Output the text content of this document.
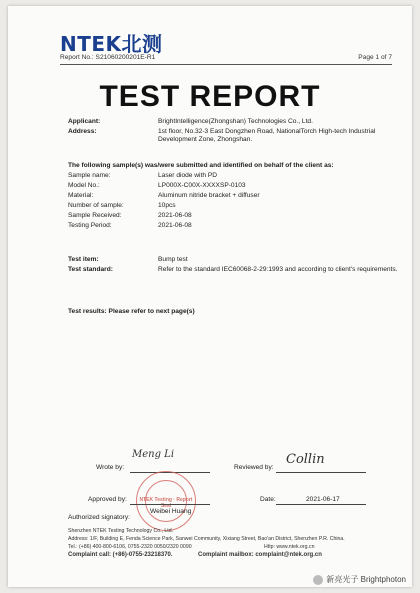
NTEK北测
Report No.: S21060200201E-R1	Page 1 of 7
TEST REPORT
Applicant:	BrightIntelligence(Zhongshan) Technologies Co., Ltd.
Address:	1st floor, No.32-3 East Dongzhen Road, NationalTorch High-tech Industrial Development Zone, Zhongshan.
The following sample(s) was/were submitted and identified on behalf of the client as:
Sample name:	Laser diode with PD
Model No.:	LP000X-C00X-XXXXSP-0103
Material:	Aluminum nitride bracket + diffuser
Number of sample:	10pcs
Sample Received:	2021-06-08
Testing Period:	2021-06-08
Test item:	Bump test
Test standard:	Refer to the standard IEC60068-2-29:1993 and according to client's requirements.
Test results: Please refer to next page(s)
Meng Li	Collin
Wrote by:	Reviewed by:
NTEK Testing · Report Seal
Approved by:	Date:	2021-06-17
Authorized signatory:
Weibei Huang
Shenzhen NTEK Testing Technology Co., Ltd.
Address: 1/F, Building E, Fenda Science Park, Sanwei Community, Xixiang Street, Bao'an District, Shenzhen P.R. China.
Tel.: (+86) 400-800-6106, 0755-2320 0050/2320 0090	Http: www.ntek.org.cn
Complaint call: (+86)-0755-23218370.	Complaint mailbox: complaint@ntek.org.cn
新亮光子 Brightphoton
